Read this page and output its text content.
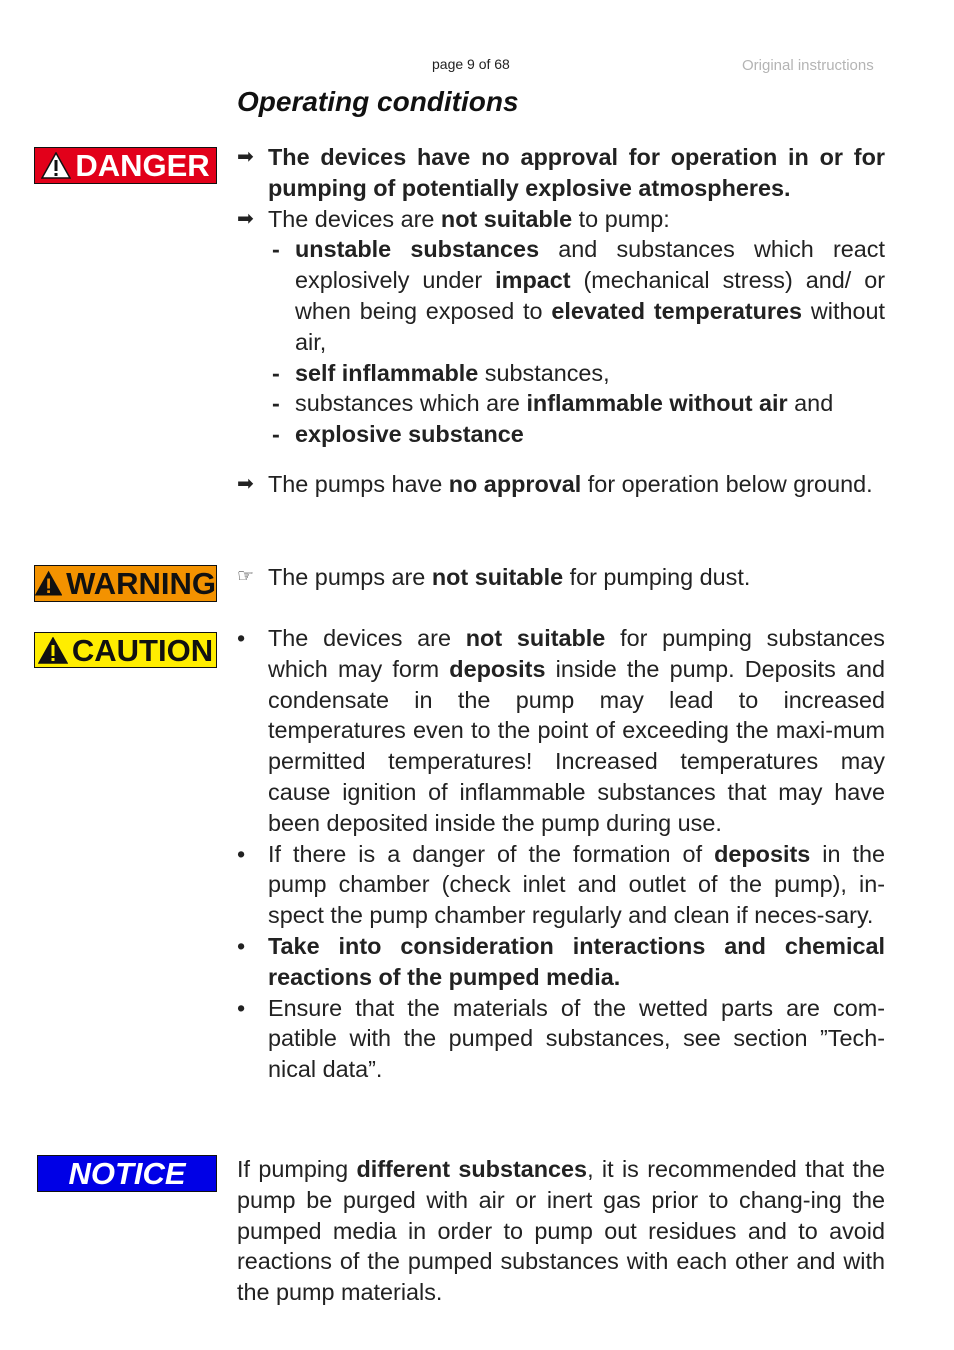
page 9 of 68	Original instructions
Operating conditions
DANGER
WARNING
CAUTION
NOTICE
➡ The devices have no approval for operation in or for pumping of potentially explosive atmospheres.
➡ The devices are not suitable to pump:
- unstable substances and substances which react explosively under impact (mechanical stress) and/ or when being exposed to elevated temperatures without air,
- self inflammable substances,
- substances which are inflammable without air and
- explosive substance
➡ The pumps have no approval for operation below ground.
☞ The pumps are not suitable for pumping dust.
• The devices are not suitable for pumping substances which may form deposits inside the pump. Deposits and condensate in the pump may lead to increased temperatures even to the point of exceeding the maxi-mum permitted temperatures! Increased temperatures may cause ignition of inflammable substances that may have been deposited inside the pump during use.
• If there is a danger of the formation of deposits in the pump chamber (check inlet and outlet of the pump), in-spect the pump chamber regularly and clean if neces-sary.
• Take into consideration interactions and chemical reactions of the pumped media.
• Ensure that the materials of the wetted parts are com-patible with the pumped substances, see section ”Tech-nical data”.
If pumping different substances, it is recommended that the pump be purged with air or inert gas prior to chang-ing the pumped media in order to pump out residues and to avoid reactions of the pumped substances with each other and with the pump materials.
